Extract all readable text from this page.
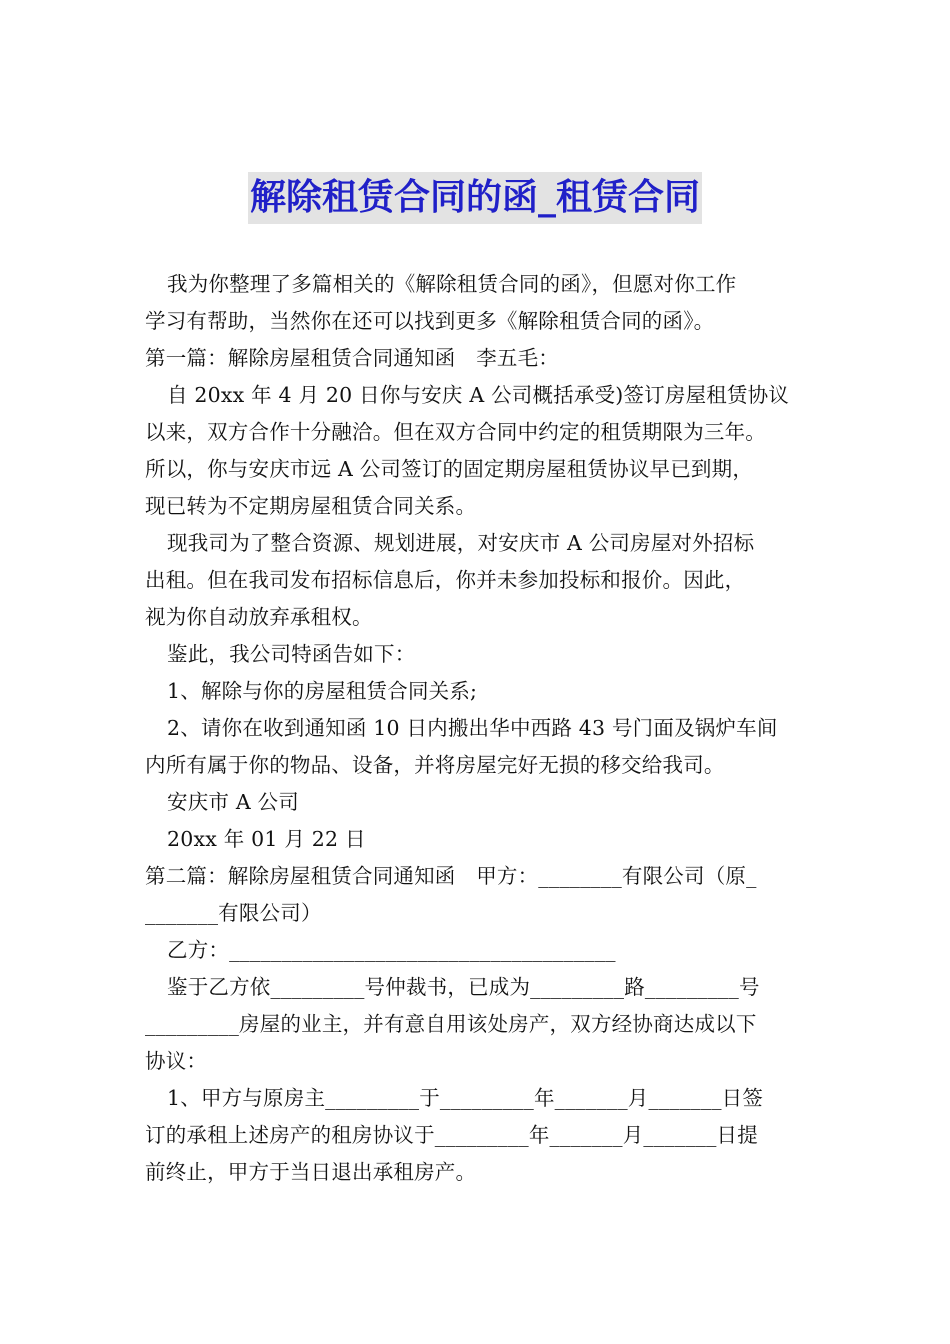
解除租赁合同的函_租赁合同
我为你整理了多篇相关的《解除租赁合同的函》，但愿对你工作
学习有帮助，当然你在还可以找到更多《解除租赁合同的函》。
第一篇：解除房屋租赁合同通知函　李五毛：
自 20xx 年 4 月 20 日你与安庆 A 公司概括承受)签订房屋租赁协议
以来，双方合作十分融洽。但在双方合同中约定的租赁期限为三年。
所以，你与安庆市远 A 公司签订的固定期房屋租赁协议早已到期，
现已转为不定期房屋租赁合同关系。
现我司为了整合资源、规划进展，对安庆市 A 公司房屋对外招标
出租。但在我司发布招标信息后，你并未参加投标和报价。因此，
视为你自动放弃承租权。
鉴此，我公司特函告如下：
1、解除与你的房屋租赁合同关系;
2、请你在收到通知函 10 日内搬出华中西路 43 号门面及锅炉车间
内所有属于你的物品、设备，并将房屋完好无损的移交给我司。
安庆市 A 公司
20xx 年 01 月 22 日
第二篇：解除房屋租赁合同通知函　甲方：________有限公司（原_
_______有限公司）
乙方：_____________________________________
鉴于乙方依_________号仲裁书，已成为_________路_________号
_________房屋的业主，并有意自用该处房产，双方经协商达成以下
协议：
1、甲方与原房主_________于_________年_______月_______日签
订的承租上述房产的租房协议于_________年_______月_______日提
前终止，甲方于当日退出承租房产。
